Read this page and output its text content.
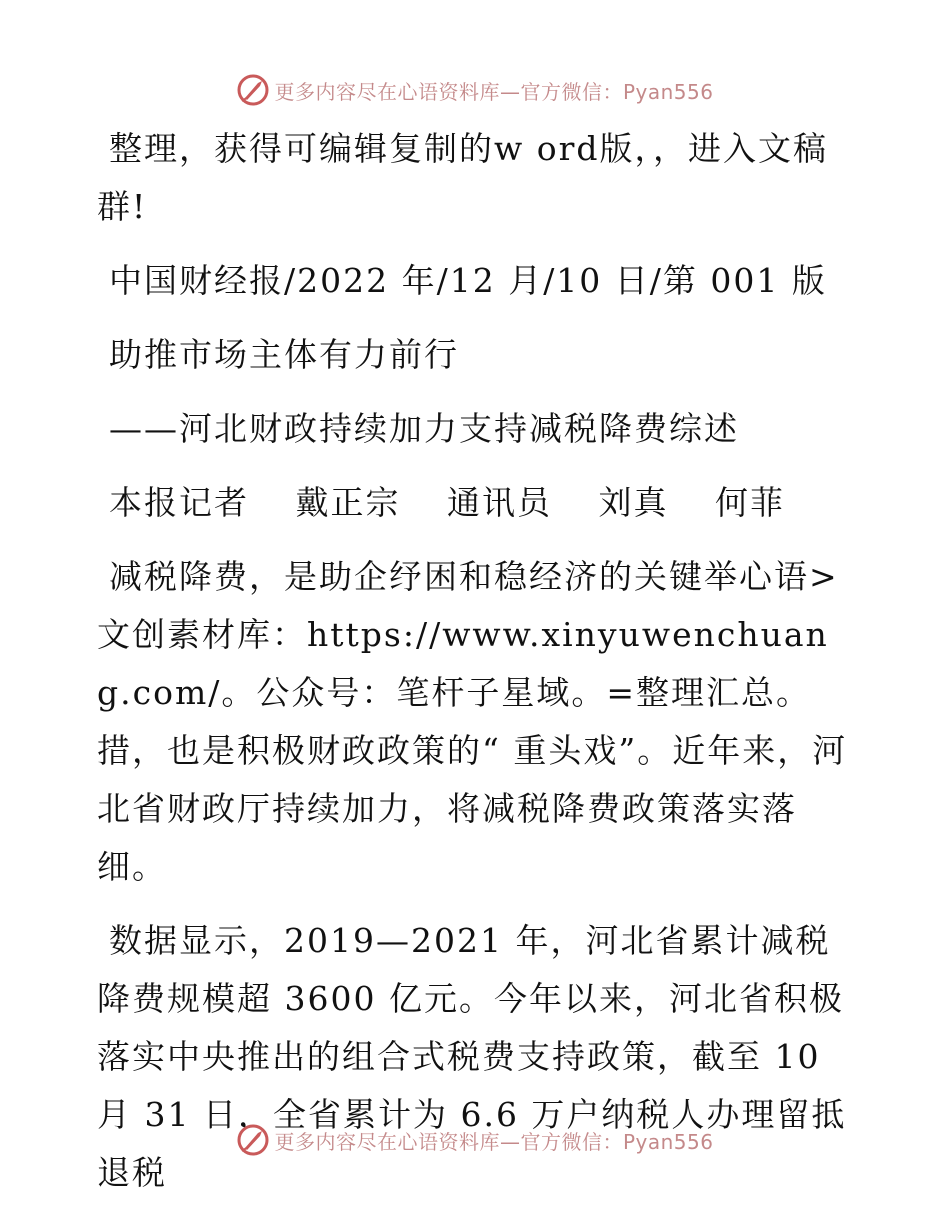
更多内容尽在心语资料库—官方微信：Pyan556

整理，获得可编辑复制的w ord版，，进入文稿群!

中国财经报/2022 年/12 月/10 日/第 001 版

助推市场主体有力前行

——河北财政持续加力支持减税降费综述

本报记者 戴正宗 通讯员 刘真 何菲

减税降费，是助企纾困和稳经济的关键举心语>文创素材库：https://www.xinyuwenchuang.com/。公众号：笔杆子星域。=整理汇总。措，也是积极财政政策的“ 重头戏”。近年来，河北省财政厅持续加力，将减税降费政策落实落细。

数据显示，2019—2021 年，河北省累计减税降费规模超 3600 亿元。今年以来，河北省积极落实中央推出的组合式税费支持政策，截至 10 月 31 日，全省累计为 6.6 万户纳税人办理留抵退税

更多内容尽在心语资料库—官方微信：Pyan556
